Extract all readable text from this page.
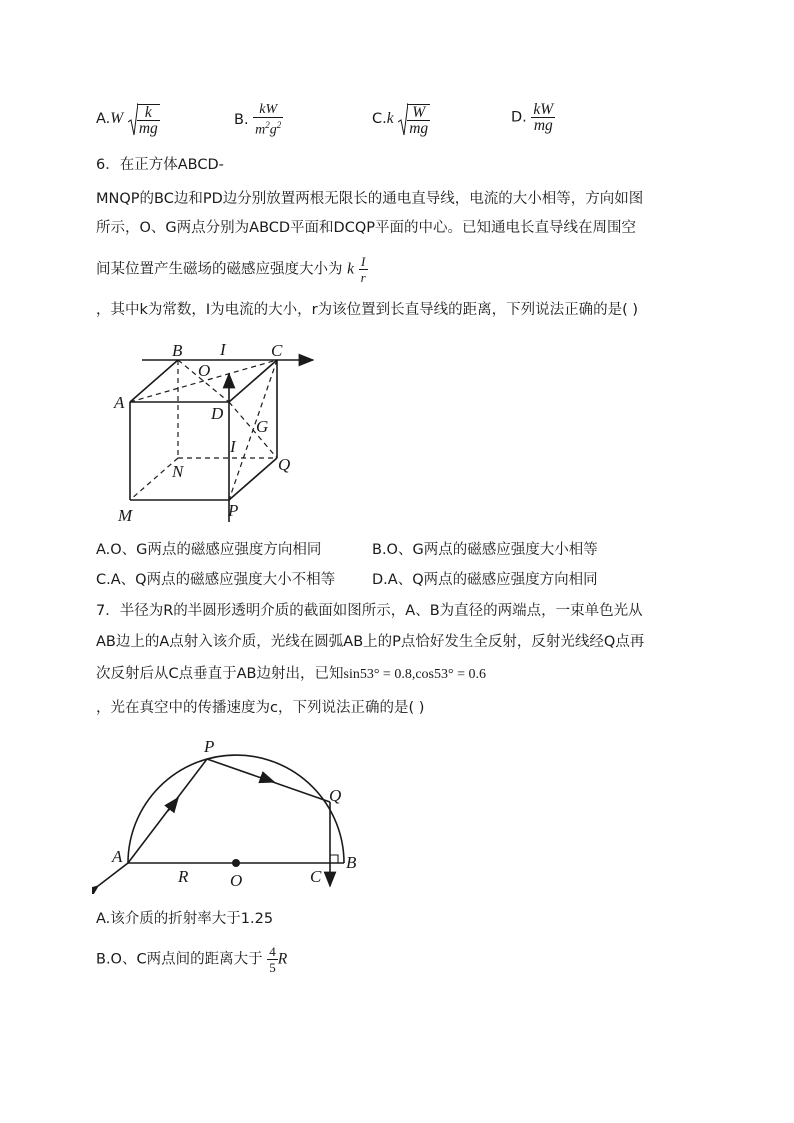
$A.W \frac{k}{mg}$	B. $\frac{kW}{m^2g^2}$	$C.k \frac{W}{mg}$	D. $\frac{kW}{mg}$
6．在正方体ABCD-
MNQP的BC边和PD边分别放置两根无限长的通电直导线，电流的大小相等，方向如图
所示，O、G两点分别为ABCD平面和DCQP平面的中心。已知通电长直导线在周围空
间某位置产生磁场的磁感应强度大小为 k $\frac{I}{r}$
，其中k为常数，I为电流的大小，r为该位置到长直导线的距离，下列说法正确的是( )
B I	C
O
A
D
G
I
N	Q
M	P
A.O、G两点的磁感应强度方向相同	B.O、G两点的磁感应强度大小相等
C.A、Q两点的磁感应强度大小不相等	D.A、Q两点的磁感应强度方向相同
7．半径为R的半圆形透明介质的截面如图所示，A、B为直径的两端点，一束单色光从
AB边上的A点射入该介质，光线在圆弧AB上的P点恰好发生全反射，反射光线经Q点再
次反射后从C点垂直于AB边射出，已知sin53° = 0.8,cos53° = 0.6
，光在真空中的传播速度为c，下列说法正确的是( )
P
Q
A
R O	C
B
A.该介质的折射率大于1.25
B.O、C两点间的距离大于 $\frac{4}{5}$ R
